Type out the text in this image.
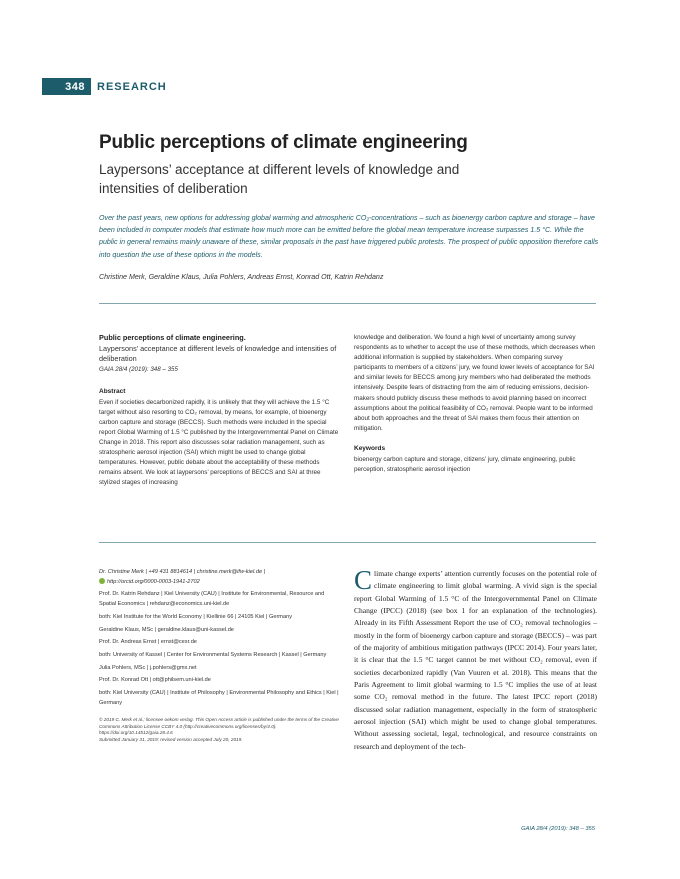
348	RESEARCH
Public perceptions of climate engineering
Laypersons’ acceptance at different levels of knowledge and intensities of deliberation

Over the past years, new options for addressing global warming and atmospheric CO₂-concentrations – such as bioenergy carbon capture and storage – have been included in computer models that estimate how much more can be emitted before the global mean temperature increase surpasses 1.5 °C. While the public in general remains mainly unaware of these, similar proposals in the past have triggered public protests. The prospect of public opposition therefore calls into question the use of these options in the models.

Christine Merk, Geraldine Klaus, Julia Pohlers, Andreas Ernst, Konrad Ott, Katrin Rehdanz

Public perceptions of climate engineering.
Laypersons’ acceptance at different levels of knowledge and intensities of deliberation
GAIA 28/4 (2019): 348 – 355
Abstract
Even if societies decarbonized rapidly, it is unlikely that they will achieve the 1.5 °C target without also resorting to CO₂ removal, by means, for example, of bioenergy carbon capture and storage (BECCS). Such methods were included in the special report Global Warming of 1.5 °C published by the Intergovernmental Panel on Climate Change in 2018. This report also discusses solar radiation management, such as stratospheric aerosol injection (SAI) which might be used to change global temperatures. However, public debate about the acceptability of these methods remains absent. We look at laypersons’ perceptions of BECCS and SAI at three stylized stages of increasing
knowledge and deliberation. We found a high level of uncertainty among survey respondents as to whether to accept the use of these methods, which decreases when additional information is supplied by stakeholders. When comparing survey participants to members of a citizens’ jury, we found lower levels of acceptance for SAI and similar levels for BECCS among jury members who had deliberated the methods intensively. Despite fears of distracting from the aim of reducing emissions, decision-makers should publicly discuss these methods to avoid planning based on incorrect assumptions about the political feasibility of CO₂ removal. People want to be informed about both approaches and the threat of SAI makes them focus their attention on mitigation.
Keywords
bioenergy carbon capture and storage, citizens’ jury, climate engineering, public perception, stratospheric aerosol injection
Dr. Christine Merk | +49 431 8814614 | christine.merk@ifw-kiel.de |
http://orcid.org/0000-0003-1941-2702
Prof. Dr. Katrin Rehdanz | Kiel University (CAU) | Institute for Environmental, Resource and Spatial Economics | rehdanz@economics.uni-kiel.de
both: Kiel Institute for the World Economy | Kiellinie 66 | 24105 Kiel | Germany
Geraldine Klaus, MSc | geraldine.klaus@uni-kassel.de
Prof. Dr. Andreas Ernst | ernst@cesr.de
both: University of Kassel | Center for Environmental Systems Research | Kassel | Germany
Julia Pohlers, MSc | j.pohlers@gmx.net
Prof. Dr. Konrad Ott | ott@philsem.uni-kiel.de
both: Kiel University (CAU) | Institute of Philosophy | Environmental Philosophy and Ethics | Kiel | Germany
© 2019 C. Merk et al.; licensee oekom verlag. This Open Access article is published under the terms of the Creative Commons Attribution License CCBY 4.0 (http://creativecommons.org/licenses/by/4.0). https://doi.org/10.14512/gaia.28.4.6
Submitted January 31, 2019; revised version accepted July 20, 2019.
Climate change experts’ attention currently focuses on the potential role of climate engineering to limit global warming. A vivid sign is the special report Global Warming of 1.5 °C of the Intergovernmental Panel on Climate Change (IPCC) (2018) (see box 1 for an explanation of the technologies). Already in its Fifth Assessment Report the use of CO₂ removal technologies – mostly in the form of bioenergy carbon capture and storage (BECCS) – was part of the majority of ambitious mitigation pathways (IPCC 2014). Four years later, it is clear that the 1.5 °C target cannot be met without CO₂ removal, even if societies decarbonized rapidly (Van Vuuren et al. 2018). This means that the Paris Agreement to limit global warming to 1.5 °C implies the use of at least some CO₂ removal method in the future. The latest IPCC report (2018) discussed solar radiation management, especially in the form of stratospheric aerosol injection (SAI) which might be used to change global temperatures. Without assessing societal, legal, technological, and resource constraints on research and deployment of the tech-
GAIA 28/4 (2019): 348 – 355
